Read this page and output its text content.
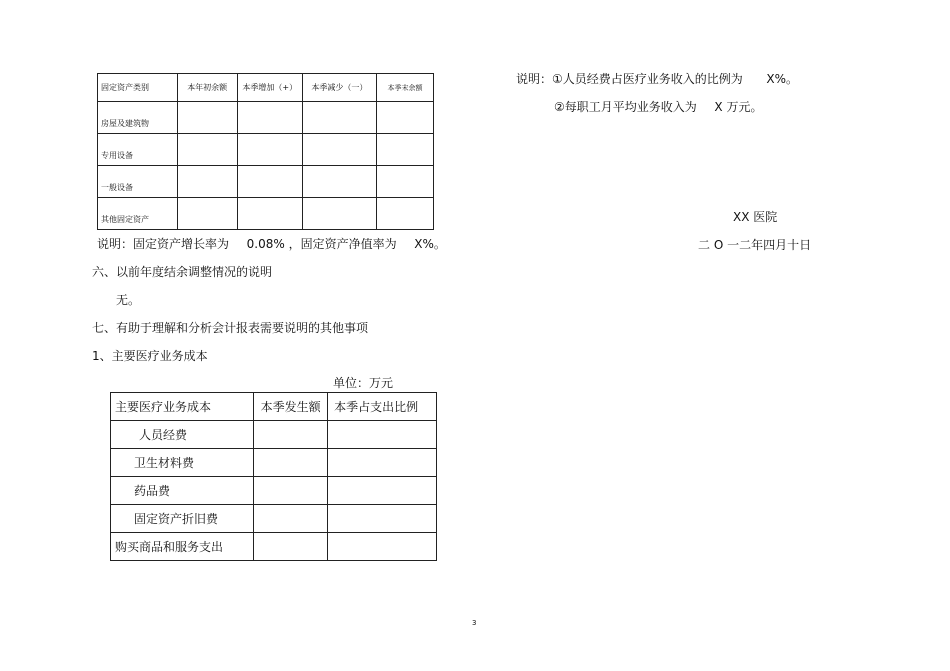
固定资产类别	本年初余额	本季增加（+）	本季减少（一）	本季末余额
房屋及建筑物				
专用设备				
一般设备				
其他固定资产				
说明：固定资产增长率为 0.08% ，固定资产净值率为 X%。
六、以前年度结余调整情况的说明
无。
七、有助于理解和分析会计报表需要说明的其他事项
1、主要医疗业务成本
单位：万元
主要医疗业务成本	本季发生额	本季占支出比例
人员经费		
卫生材料费		
药品费		
固定资产折旧费		
购买商品和服务支出		
说明：①人员经费占医疗业务收入的比例为 X%。
②每职工月平均业务收入为 X 万元。
XX 医院
二 O 一二年四月十日
3
